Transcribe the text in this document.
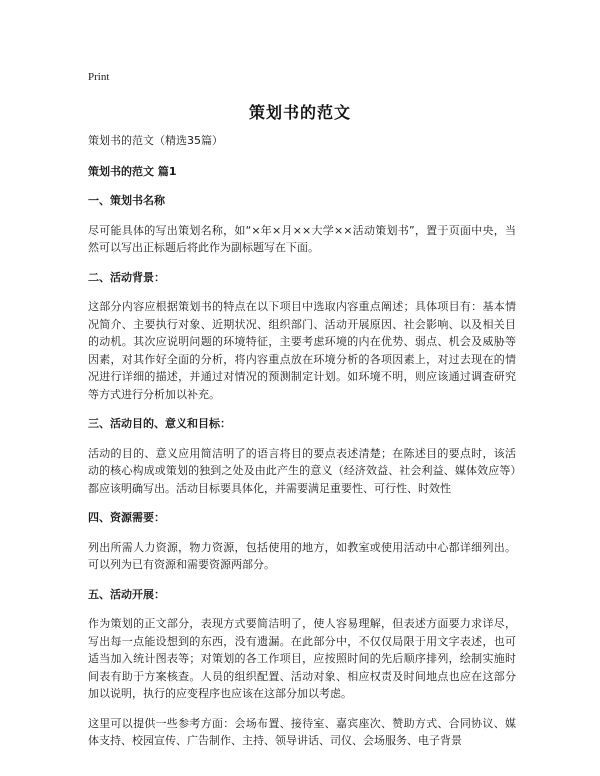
Print
策划书的范文

策划书的范文（精选35篇）

策划书的范文 篇1

一、策划书名称

尽可能具体的写出策划名称，如“×年×月××大学××活动策划书”，置于页面中央，当然可以写出正标题后将此作为副标题写在下面。

二、活动背景：

这部分内容应根据策划书的特点在以下项目中选取内容重点阐述；具体项目有：基本情况简介、主要执行对象、近期状况、组织部门、活动开展原因、社会影响、以及相关目的动机。其次应说明问题的环境特征，主要考虑环境的内在优势、弱点、机会及威胁等因素，对其作好全面的分析，将内容重点放在环境分析的各项因素上，对过去现在的情况进行详细的描述，并通过对情况的预测制定计划。如环境不明，则应该通过调查研究等方式进行分析加以补充。

三、活动目的、意义和目标：

活动的目的、意义应用简洁明了的语言将目的要点表述清楚；在陈述目的要点时，该活动的核心构成或策划的独到之处及由此产生的意义（经济效益、社会利益、媒体效应等）都应该明确写出。活动目标要具体化，并需要满足重要性、可行性、时效性

四、资源需要：

列出所需人力资源，物力资源，包括使用的地方，如教室或使用活动中心都详细列出。可以列为已有资源和需要资源两部分。

五、活动开展：

作为策划的正文部分，表现方式要简洁明了，使人容易理解，但表述方面要力求详尽，写出每一点能设想到的东西，没有遗漏。在此部分中，不仅仅局限于用文字表述，也可适当加入统计图表等；对策划的各工作项目，应按照时间的先后顺序排列，绘制实施时间表有助于方案核查。人员的组织配置、活动对象、相应权责及时间地点也应在这部分加以说明，执行的应变程序也应该在这部分加以考虑。

这里可以提供一些参考方面：会场布置、接待室、嘉宾座次、赞助方式、合同协议、媒体支持、校园宣传、广告制作、主持、领导讲话、司仪、会场服务、电子背景
